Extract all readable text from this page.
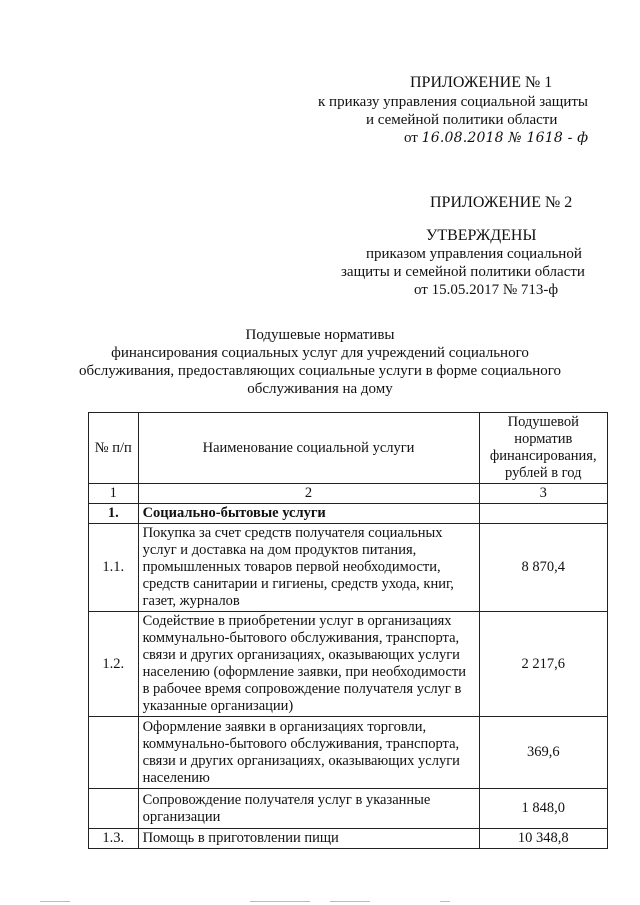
ПРИЛОЖЕНИЕ № 1
к приказу управления социальной защиты
и семейной политики области
от 16.08.2018 № 1618 - ф
ПРИЛОЖЕНИЕ № 2
УТВЕРЖДЕНЫ
приказом управления социальной
защиты и семейной политики области
от 15.05.2017 № 713-ф
Подушевые нормативы
финансирования социальных услуг для учреждений социального
обслуживания, предоставляющих социальные услуги в форме социального
обслуживания на дому
№ п/п	Наименование социальной услуги	Подушевой норматив финансирования, рублей в год
1	2	3
1.	Социально-бытовые услуги	
1.1.	Покупка за счет средств получателя социальных услуг и доставка на дом продуктов питания, промышленных товаров первой необходимости, средств санитарии и гигиены, средств ухода, книг, газет, журналов	8 870,4
1.2.	Содействие в приобретении услуг в организациях коммунально-бытового обслуживания, транспорта, связи и других организациях, оказывающих услуги населению (оформление заявки, при необходимости в рабочее время сопровождение получателя услуг в указанные организации)	2 217,6
	Оформление заявки в организациях торговли, коммунально-бытового обслуживания, транспорта, связи и других организациях, оказывающих услуги населению	369,6
	Сопровождение получателя услуг в указанные организации	1 848,0
1.3.	Помощь в приготовлении пищи	10 348,8
